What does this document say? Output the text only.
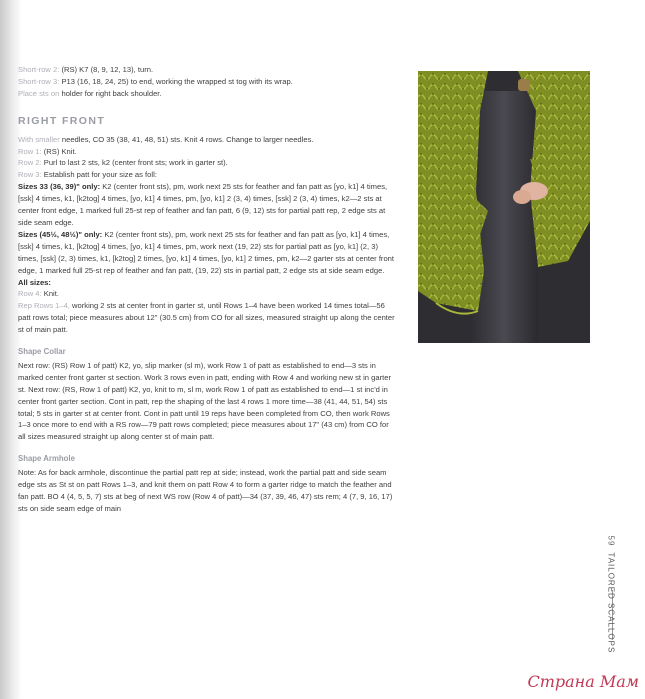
Short-row 2: (RS) K7 (8, 9, 12, 13), turn.

Short-row 3: P13 (16, 18, 24, 25) to end, working the wrapped st tog with its wrap.

Place sts on holder for right back shoulder.

RIGHT FRONT

With smaller needles, CO 35 (38, 41, 48, 51) sts. Knit 4 rows. Change to larger needles.

Row 1: (RS) Knit.

Row 2: Purl to last 2 sts, k2 (center front sts; work in garter st).

Row 3: Establish patt for your size as foll:

Sizes 33 (36, 39)" only: K2 (center front sts), pm, work next 25 sts for feather and fan patt as [yo, k1] 4 times, [ssk] 4 times, k1, [k2tog] 4 times, [yo, k1] 4 times, pm, [yo, k1] 2 (3, 4) times, [ssk] 2 (3, 4) times, k2—2 sts at center front edge, 1 marked full 25-st rep of feather and fan patt, 6 (9, 12) sts for partial patt rep, 2 edge sts at side seam edge.

Sizes (45½, 48½)" only: K2 (center front sts), pm, work next 25 sts for feather and fan patt as [yo, k1] 4 times, [ssk] 4 times, k1, [k2tog] 4 times, [yo, k1] 4 times, pm, work next (19, 22) sts for partial patt as [yo, k1] (2, 3) times, [ssk] (2, 3) times, k1, [k2tog] 2 times, [yo, k1] 4 times, [yo, k1] 2 times, pm, k2—2 garter sts at center front edge, 1 marked full 25-st rep of feather and fan patt, (19, 22) sts in partial patt, 2 edge sts at side seam edge.

All sizes:

Row 4: Knit.

Rep Rows 1–4, working 2 sts at center front in garter st, until Rows 1–4 have been worked 14 times total—56 patt rows total; piece measures about 12" (30.5 cm) from CO for all sizes, measured straight up along the center st of main patt.

Shape Collar

Next row: (RS) Row 1 of patt) K2, yo, slip marker (sl m), work Row 1 of patt as established to end—3 sts in marked center front garter st section. Work 3 rows even in patt, ending with Row 4 and working new st in garter st. Next row: (RS, Row 1 of patt) K2, yo, knit to m, sl m, work Row 1 of patt as established to end—1 st inc'd in center front garter section. Cont in patt, rep the shaping of the last 4 rows 1 more time—38 (41, 44, 51, 54) sts total; 5 sts in garter st at center front. Cont in patt until 19 reps have been completed from CO, then work Rows 1–3 once more to end with a RS row—79 patt rows completed; piece measures about 17" (43 cm) from CO for all sizes measured straight up along center st of main patt.

Shape Armhole

Note: As for back armhole, discontinue the partial patt rep at side; instead, work the partial patt and side seam edge sts as St st on patt Rows 1–3, and knit them on patt Row 4 to form a garter ridge to match the feather and fan patt. BO 4 (4, 5, 5, 7) sts at beg of next WS row (Row 4 of patt)—34 (37, 39, 46, 47) sts rem; 4 (7, 9, 16, 17) sts on side seam edge of main

59TAILORED SCALLOPS
Страна Мам
